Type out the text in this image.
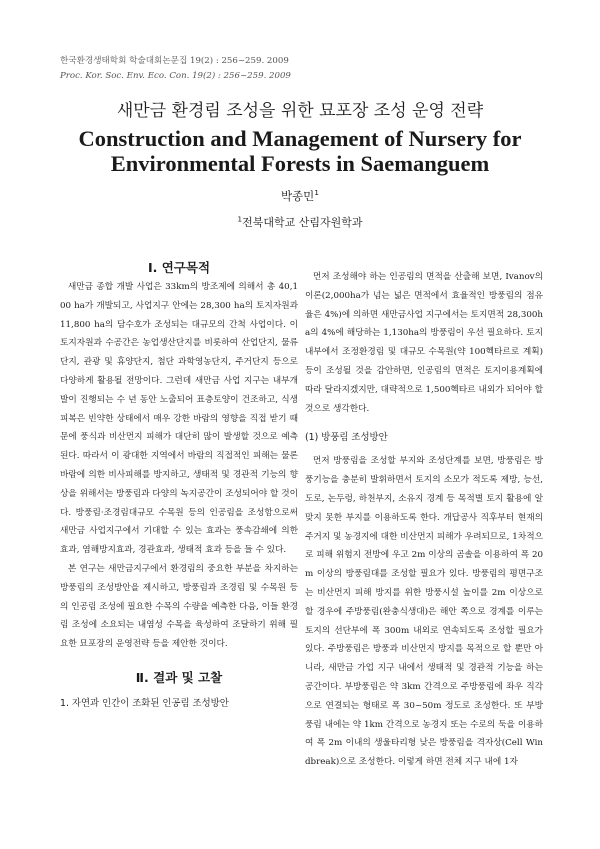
한국환경생태학회 학술대회논문집 19(2) : 256~259. 2009
Proc. Kor. Soc. Env. Eco. Con. 19(2) : 256~259. 2009
새만금 환경림 조성을 위한 묘포장 조성 운영 전략
Construction and Management of Nursery for Environmental Forests in Saemanguem
박종민$^1$
$^1$전북대학교 산림자원학과
Ⅰ. 연구목적

새만금 종합 개발 사업은 33km의 방조제에 의해서 총 40,100 ha가 개발되고, 사업지구 안에는 28,300 ha의 토지자원과 11,800 ha의 담수호가 조성되는 대규모의 간척 사업이다. 이 토지자원과 수공간은 농업생산단지를 비롯하여 산업단지, 물류단지, 관광 및 휴양단지, 첨단 과학영농단지, 주거단지 등으로 다양하게 활용될 전망이다. 그런데 새만금 사업 지구는 내부개발이 진행되는 수 년 동안 노출되어 표층토양이 건조하고, 식생피복은 빈약한 상태에서 매우 강한 바람의 영향을 직접 받기 때문에 풍식과 비산먼지 피해가 대단히 많이 발생할 것으로 예측된다. 따라서 이 광대한 지역에서 바람의 직접적인 피해는 물론 바람에 의한 비사피해를 방지하고, 생태적 및 경관적 기능의 향상을 위해서는 방풍림과 다양의 녹지공간이 조성되어야 할 것이다. 방풍림·조경림대규모 수목원 등의 인공림을 조성함으로써 새만금 사업지구에서 기대할 수 있는 효과는 풍속감쇄에 의한 효과, 염해방지효과, 경관효과, 생태적 효과 등을 들 수 있다.

본 연구는 새만금지구에서 환경림의 중요한 부분을 차지하는 방풍림의 조성방안을 제시하고, 방풍림과 조경림 및 수목원 등의 인공림 조성에 필요한 수목의 수량을 예측한 다음, 이들 환경림 조성에 소요되는 내염성 수목을 육성하여 조달하기 위해 필요한 묘포장의 운영전략 등을 제안한 것이다.

Ⅱ. 결과 및 고찰

1. 자연과 인간이 조화된 인공림 조성방안

먼저 조성해야 하는 인공림의 면적을 산출해 보면, Ivanov의 이론(2,000ha가 넘는 넓은 면적에서 효율적인 방풍림의 점유율은 4%)에 의하면 새만금사업 지구에서는 토지면적 28,300ha의 4%에 해당하는 1,130ha의 방풍림이 우선 필요하다. 토지 내부에서 조정환경림 및 대규모 수목원(약 100헥타르로 계획) 등이 조성될 것을 감안하면, 인공림의 면적은 토지이용계획에 따라 달라지겠지만, 대략적으로 1,500헥타르 내외가 되어야 할 것으로 생각한다.

(1) 방풍림 조성방안

먼저 방풍림을 조성할 부지와 조성단계를 보면, 방풍림은 방풍기능을 충분히 발휘하면서 토지의 소모가 적도록 제방, 능선, 도로, 논두렁, 하천부지, 소유지 경계 등 목적별 토지 활용에 알맞지 못한 부지를 이용하도록 한다. 개답공사 직후부터 현재의 주거지 및 농경지에 대한 비산먼지 피해가 우려되므로, 1차적으로 피해 위험지 전방에 우고 2m 이상의 곰솔을 이용하여 폭 20m 이상의 방풍림대를 조성할 필요가 있다. 방풍림의 평면구조는 비산먼지 피해 방지를 위한 방풍시설 높이를 2m 이상으로 할 경우에 주방풍림(완충식생대)은 해안 쪽으로 경계를 이루는 토지의 선단부에 폭 300m 내외로 연속되도록 조성할 필요가 있다. 주방풍림은 방풍과 비산먼지 방지를 목적으로 할 뿐만 아니라, 새만금 가업 지구 내에서 생태적 및 경관적 기능을 하는 공간이다. 부방풍림은 약 3km 간격으로 주방풍림에 좌우 직각으로 연결되는 형태로 폭 30~50m 정도로 조성한다. 또 부방풍림 내에는 약 1km 간격으로 농경지 또는 수로의 둑을 이용하여 폭 2m 이내의 생울타리형 낮은 방풍림을 격자상(Cell Windbreak)으로 조성한다. 이렇게 하면 전체 지구 내에 1자
